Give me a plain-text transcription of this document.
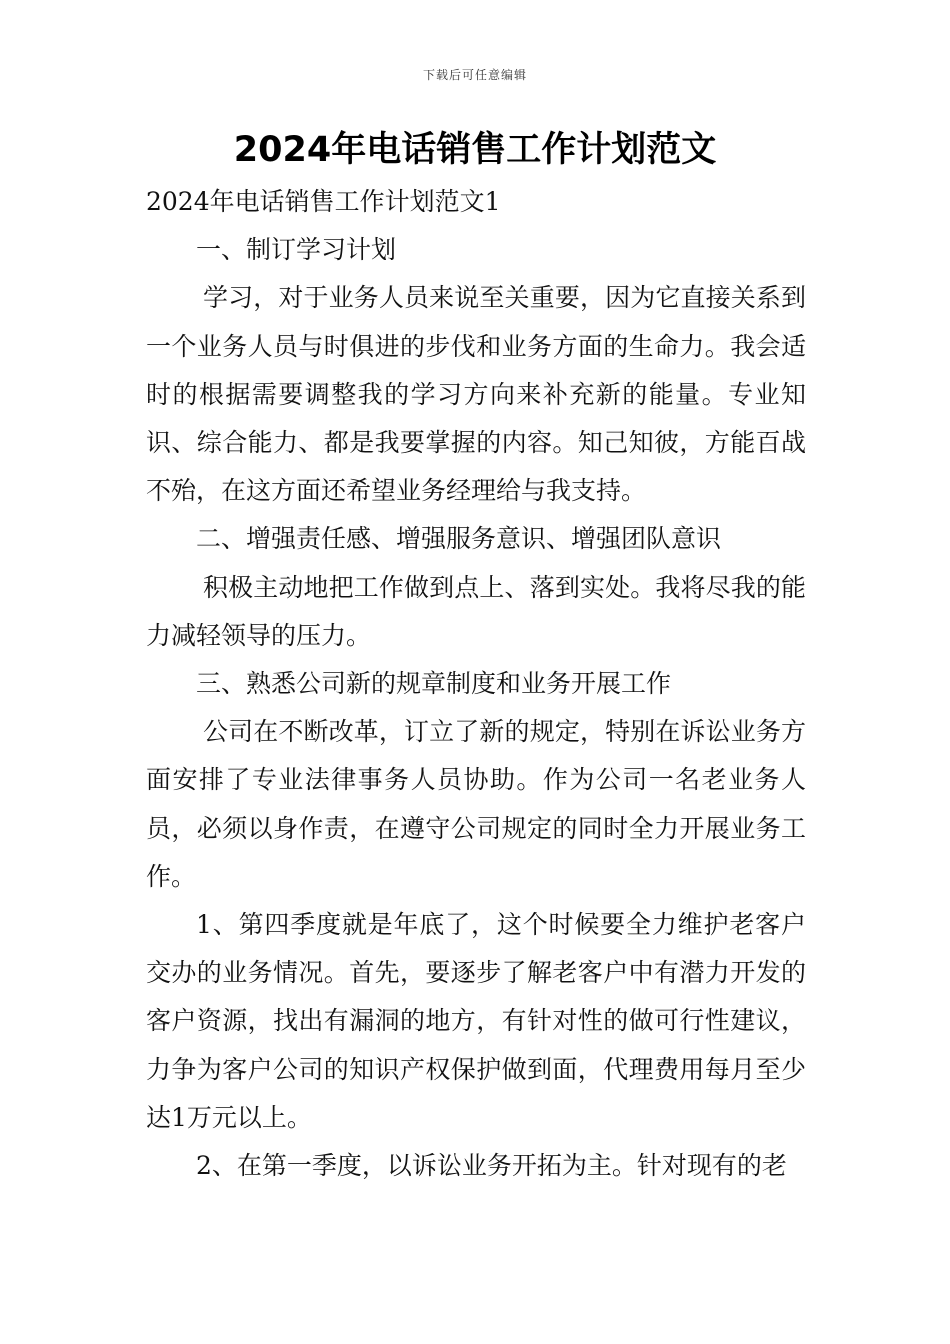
下载后可任意编辑
2024年电话销售工作计划范文

2024年电话销售工作计划范文1

一、制订学习计划

学习，对于业务人员来说至关重要，因为它直接关系到一个业务人员与时俱进的步伐和业务方面的生命力。我会适时的根据需要调整我的学习方向来补充新的能量。专业知识、综合能力、都是我要掌握的内容。知己知彼，方能百战不殆，在这方面还希望业务经理给与我支持。

二、增强责任感、增强服务意识、增强团队意识

积极主动地把工作做到点上、落到实处。我将尽我的能力减轻领导的压力。

三、熟悉公司新的规章制度和业务开展工作

公司在不断改革，订立了新的规定，特别在诉讼业务方面安排了专业法律事务人员协助。作为公司一名老业务人员，必须以身作责，在遵守公司规定的同时全力开展业务工作。

1、第四季度就是年底了，这个时候要全力维护老客户交办的业务情况。首先，要逐步了解老客户中有潜力开发的客户资源，找出有漏洞的地方，有针对性的做可行性建议，力争为客户公司的知识产权保护做到面，代理费用每月至少达1万元以上。

2、在第一季度，以诉讼业务开拓为主。针对现有的老
